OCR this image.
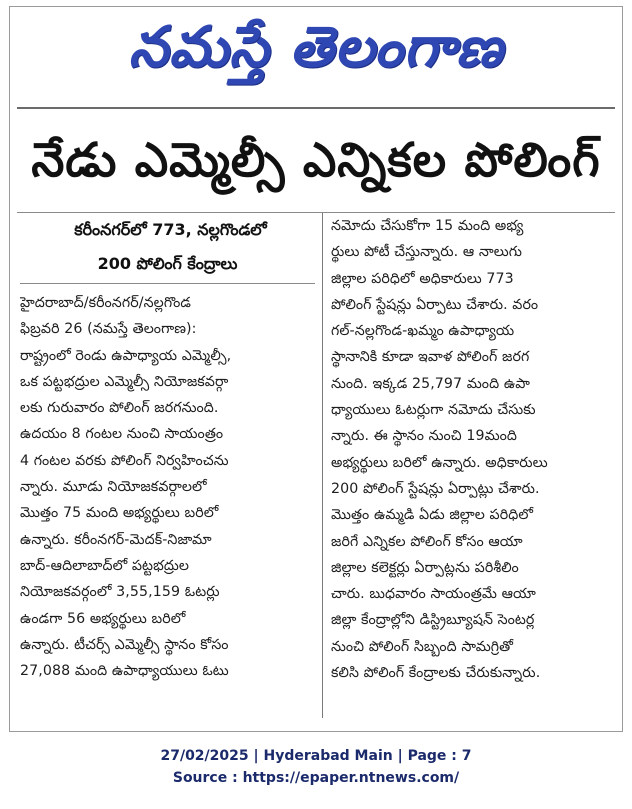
నమస్తే తెలంగాణ
నేడు ఎమ్మెల్సీ ఎన్నికల పోలింగ్
కరీంనగర్‌లో 773, నల్లగొండలో
200 పోలింగ్ కేంద్రాలు
హైదరాబాద్/కరీంనగర్/నల్లగొండ
ఫిబ్రవరి 26 (నమస్తే తెలంగాణ):
రాష్ట్రంలో రెండు ఉపాధ్యాయ ఎమ్మెల్సీ,
ఒక పట్టభద్రుల ఎమ్మెల్సీ నియోజకవర్గా
లకు గురువారం పోలింగ్ జరగనుంది.
ఉదయం 8 గంటల నుంచి సాయంత్రం
4 గంటల వరకు పోలింగ్ నిర్వహించను
న్నారు. మూడు నియోజకవర్గాలలో
మొత్తం 75 మంది అభ్యర్థులు బరిలో
ఉన్నారు. కరీంనగర్-మెదక్-నిజామా
బాద్-ఆదిలాబాద్‌లో పట్టభద్రుల
నియోజకవర్గంలో 3,55,159 ఓటర్లు
ఉండగా 56 అభ్యర్థులు బరిలో
ఉన్నారు. టీచర్స్ ఎమ్మెల్సీ స్థానం కోసం
27,088 మంది ఉపాధ్యాయులు ఓటు
నమోదు చేసుకోగా 15 మంది అభ్య
ర్థులు పోటీ చేస్తున్నారు. ఆ నాలుగు
జిల్లాల పరిధిలో అధికారులు 773
పోలింగ్ స్టేషన్లు ఏర్పాటు చేశారు. వరం
గల్-నల్లగొండ-ఖమ్మం ఉపాధ్యాయ
స్థానానికి కూడా ఇవాళ పోలింగ్ జరగ
నుంది. ఇక్కడ 25,797 మంది ఉపా
ధ్యాయులు ఓటర్లుగా నమోదు చేసుకు
న్నారు. ఈ స్థానం నుంచి 19మంది
అభ్యర్థులు బరిలో ఉన్నారు. అధికారులు
200 పోలింగ్ స్టేషన్లు ఏర్పాట్లు చేశారు.
మొత్తం ఉమ్మడి ఏడు జిల్లాల పరిధిలో
జరిగే ఎన్నికల పోలింగ్ కోసం ఆయా
జిల్లాల కలెక్టర్లు ఏర్పాట్లను పరిశీలిం
చారు. బుధవారం సాయంత్రమే ఆయా
జిల్లా కేంద్రాల్లోని డిస్ట్రిబ్యూషన్ సెంటర్ల
నుంచి పోలింగ్ సిబ్బంది సామగ్రితో
కలిసి పోలింగ్ కేంద్రాలకు చేరుకున్నారు.
27/02/2025 | Hyderabad Main | Page : 7
Source : https://epaper.ntnews.com/
